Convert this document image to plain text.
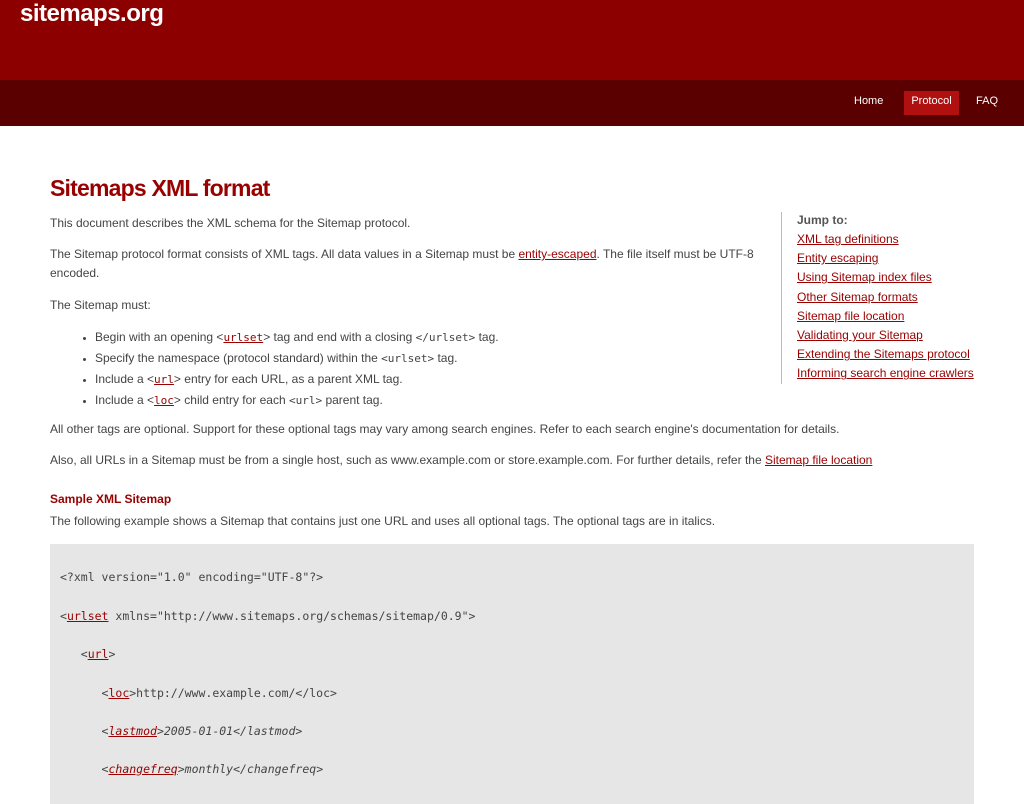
sitemaps.org
Home	Protocol	FAQ
Sitemaps XML format

This document describes the XML schema for the Sitemap protocol.

The Sitemap protocol format consists of XML tags. All data values in a Sitemap must be entity-escaped. The file itself must be UTF-8 encoded.

The Sitemap must:

• Begin with an opening <urlset> tag and end with a closing </urlset> tag.
• Specify the namespace (protocol standard) within the <urlset> tag.
• Include a <url> entry for each URL, as a parent XML tag.
• Include a <loc> child entry for each <url> parent tag.

All other tags are optional. Support for these optional tags may vary among search engines. Refer to each search engine's documentation for details.

Also, all URLs in a Sitemap must be from a single host, such as www.example.com or store.example.com. For further details, refer the Sitemap file location

Jump to:
XML tag definitions
Entity escaping
Using Sitemap index files
Other Sitemap formats
Sitemap file location
Validating your Sitemap
Extending the Sitemaps protocol
Informing search engine crawlers
Sample XML Sitemap

The following example shows a Sitemap that contains just one URL and uses all optional tags. The optional tags are in italics.

<?xml version="1.0" encoding="UTF-8"?>
<urlset xmlns="http://www.sitemaps.org/schemas/sitemap/0.9">
<url>
<loc>http://www.example.com/</loc>
<lastmod>2005-01-01</lastmod>
<changefreq>monthly</changefreq>
